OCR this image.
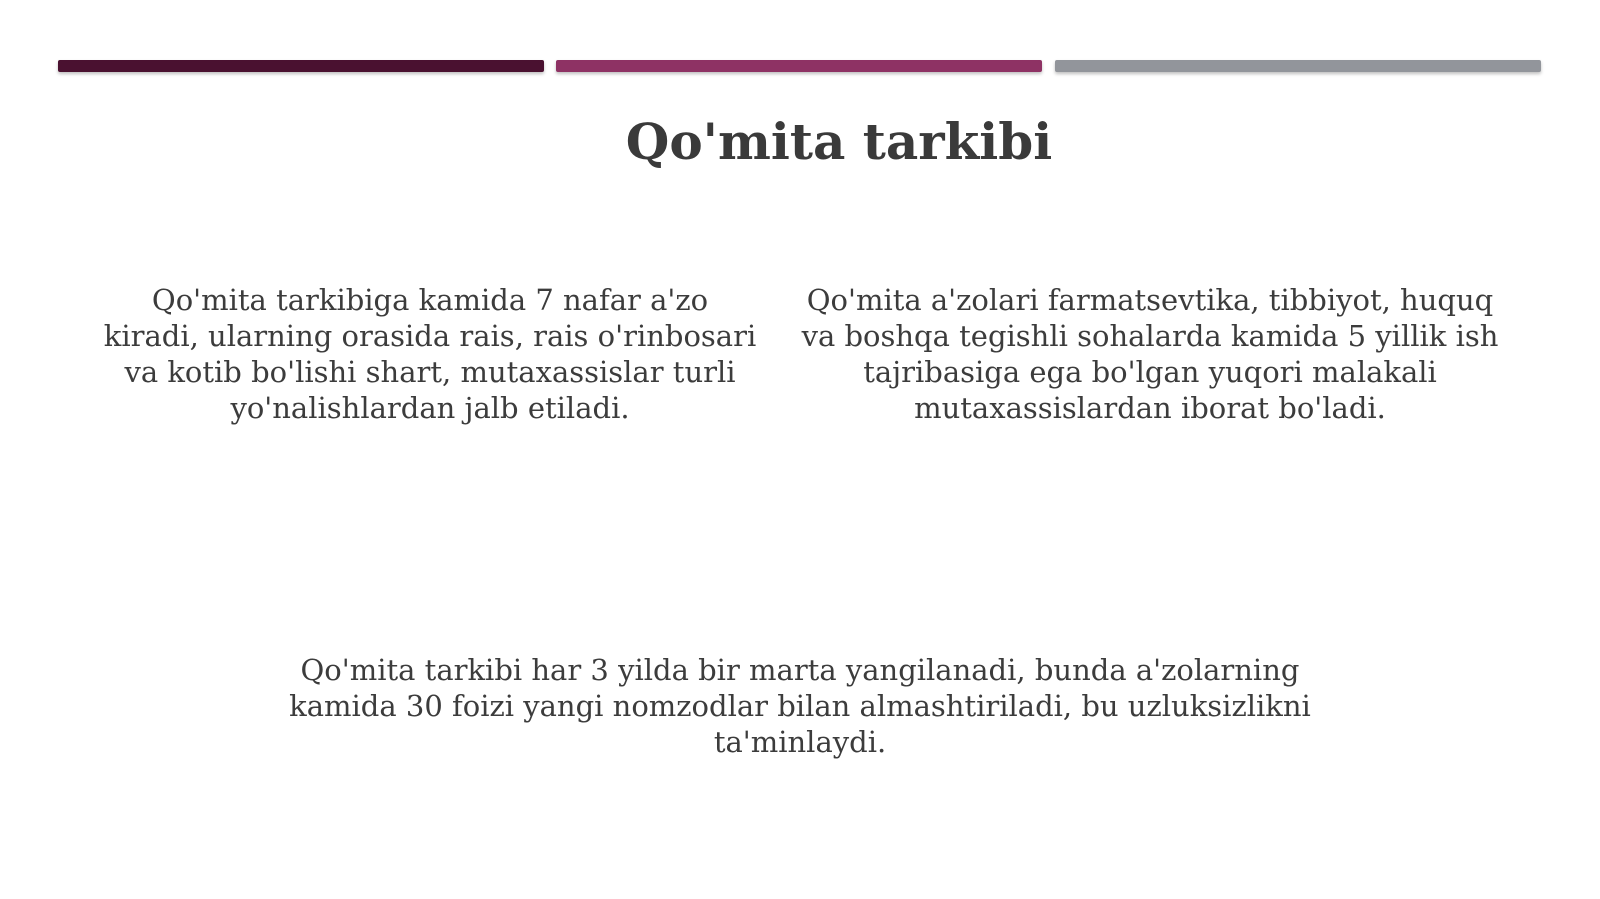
Qo'mita tarkibi
Qo'mita tarkibiga kamida 7 nafar a'zo kiradi, ularning orasida rais, rais o'rinbosari va kotib bo'lishi shart, mutaxassislar turli yo'nalishlardan jalb etiladi.
Qo'mita a'zolari farmatsevtika, tibbiyot, huquq va boshqa tegishli sohalarda kamida 5 yillik ish tajribasiga ega bo'lgan yuqori malakali mutaxassislardan iborat bo'ladi.
Qo'mita tarkibi har 3 yilda bir marta yangilanadi, bunda a'zolarning kamida 30 foizi yangi nomzodlar bilan almashtiriladi, bu uzluksizlikni ta'minlaydi.
